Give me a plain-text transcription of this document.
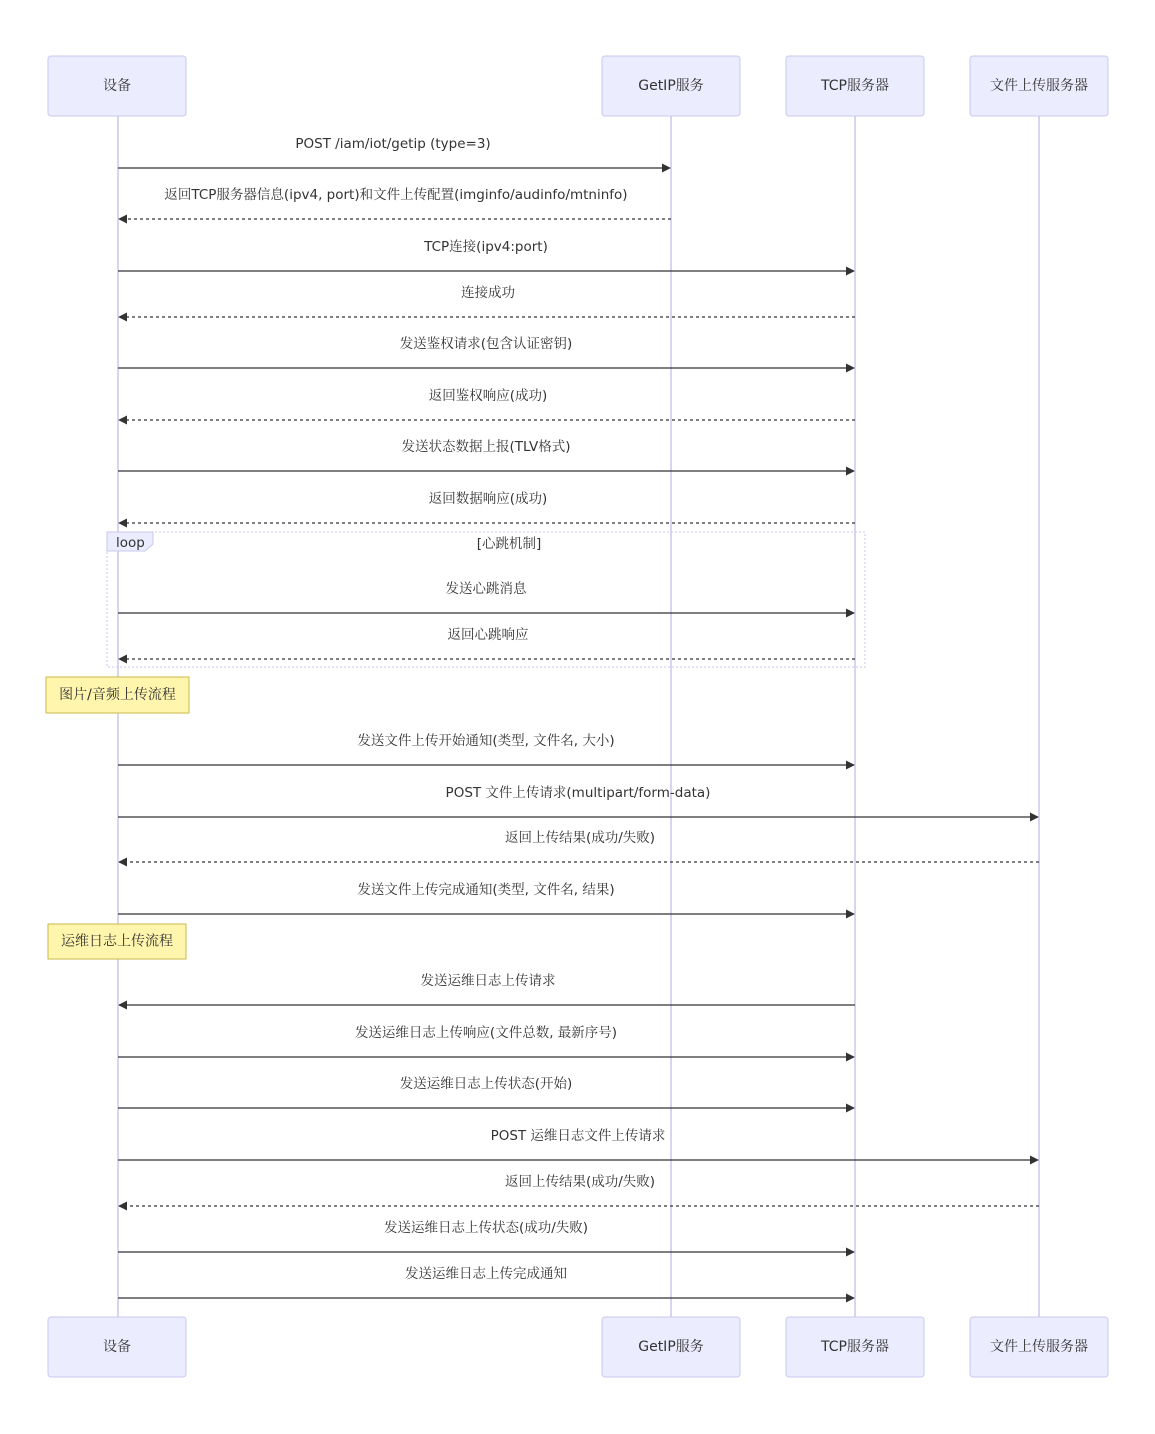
loop	[心跳机制]
图片/音频上传流程
运维日志上传流程
POST /iam/iot/getip (type=3)
返回TCP服务器信息(ipv4, port)和文件上传配置(imginfo/audinfo/mtninfo)
TCP连接(ipv4:port)
连接成功
发送鉴权请求(包含认证密钥)
返回鉴权响应(成功)
发送状态数据上报(TLV格式)
返回数据响应(成功)
发送心跳消息
返回心跳响应
发送文件上传开始通知(类型, 文件名, 大小)
POST 文件上传请求(multipart/form-data)
返回上传结果(成功/失败)
发送文件上传完成通知(类型, 文件名, 结果)
发送运维日志上传请求
发送运维日志上传响应(文件总数, 最新序号)
发送运维日志上传状态(开始)
POST 运维日志文件上传请求
返回上传结果(成功/失败)
发送运维日志上传状态(成功/失败)
发送运维日志上传完成通知
设备	GetIP服务	TCP服务器	文件上传服务器
设备	GetIP服务	TCP服务器	文件上传服务器
